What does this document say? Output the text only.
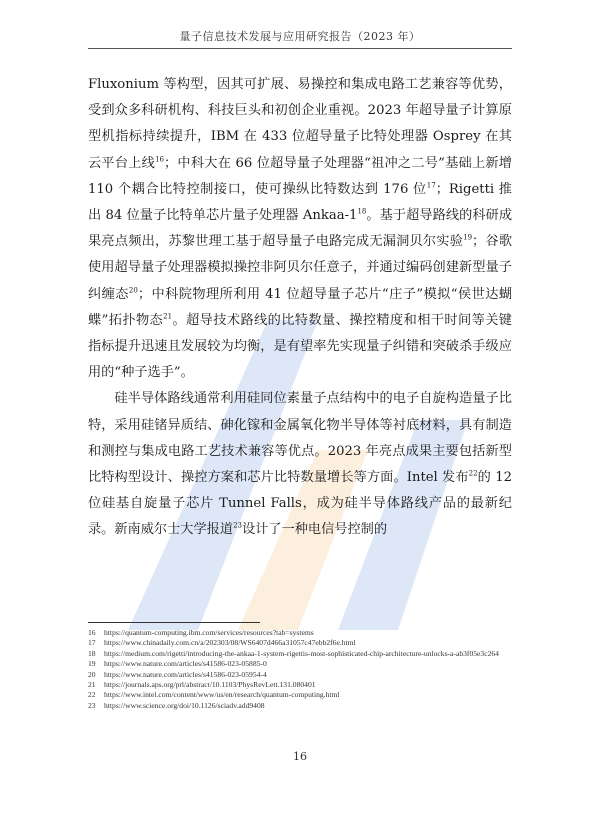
量子信息技术发展与应用研究报告（2023 年）

Fluxonium 等构型，因其可扩展、易操控和集成电路工艺兼容等优势，受到众多科研机构、科技巨头和初创企业重视。2023 年超导量子计算原型机指标持续提升，IBM 在 433 位超导量子比特处理器 Osprey 在其云平台上线$^{16}$；中科大在 66 位超导量子处理器“祖冲之二号”基础上新增 110 个耦合比特控制接口，使可操纵比特数达到 176 位$^{17}$；Rigetti 推出 84 位量子比特单芯片量子处理器 Ankaa-$1^{18}$。基于超导路线的科研成果亮点频出，苏黎世理工基于超导量子电路完成无漏洞贝尔实验$^{19}$；谷歌使用超导量子处理器模拟操控非阿贝尔任意子，并通过编码创建新型量子纠缠态$^{20}$；中科院物理所利用 41 位超导量子芯片“庄子”模拟“侯世达蝴蝶”拓扑物态$^{21}$。超导技术路线的比特数量、操控精度和相干时间等关键指标提升迅速且发展较为均衡，是有望率先实现量子纠错和突破杀手级应用的“种子选手”。

硅半导体路线通常利用硅同位素量子点结构中的电子自旋构造量子比特，采用硅锗异质结、砷化镓和金属氧化物半导体等衬底材料，具有制造和测控与集成电路工艺技术兼容等优点。2023 年亮点成果主要包括新型比特构型设计、操控方案和芯片比特数量增长等方面。Intel 发布$^{22}$的 12 位硅基自旋量子芯片 Tunnel Falls，成为硅半导体路线产品的最新纪录。新南威尔士大学报道$^{23}$设计了一种电信号控制的

16 https://quantum-computing.ibm.com/services/resources?tab=systems
17 https://www.chinadaily.com.cn/a/202303/08/WS6407d466a31057c47ebb2f6e.html
18 https://medium.com/rigetti/introducing-the-ankaa-1-system-rigettis-most-sophisticated-chip-architecture-unlocks-a-ab3f05e3c264
19 https://www.nature.com/articles/s41586-023-05885-0
20 https://www.nature.com/articles/s41586-023-05954-4
21 https://journals.aps.org/prl/abstract/10.1103/PhysRevLett.131.080401
22 https://www.intel.com/content/www/us/en/research/quantum-computing.html
23 https://www.science.org/doi/10.1126/sciadv.add9408
16
